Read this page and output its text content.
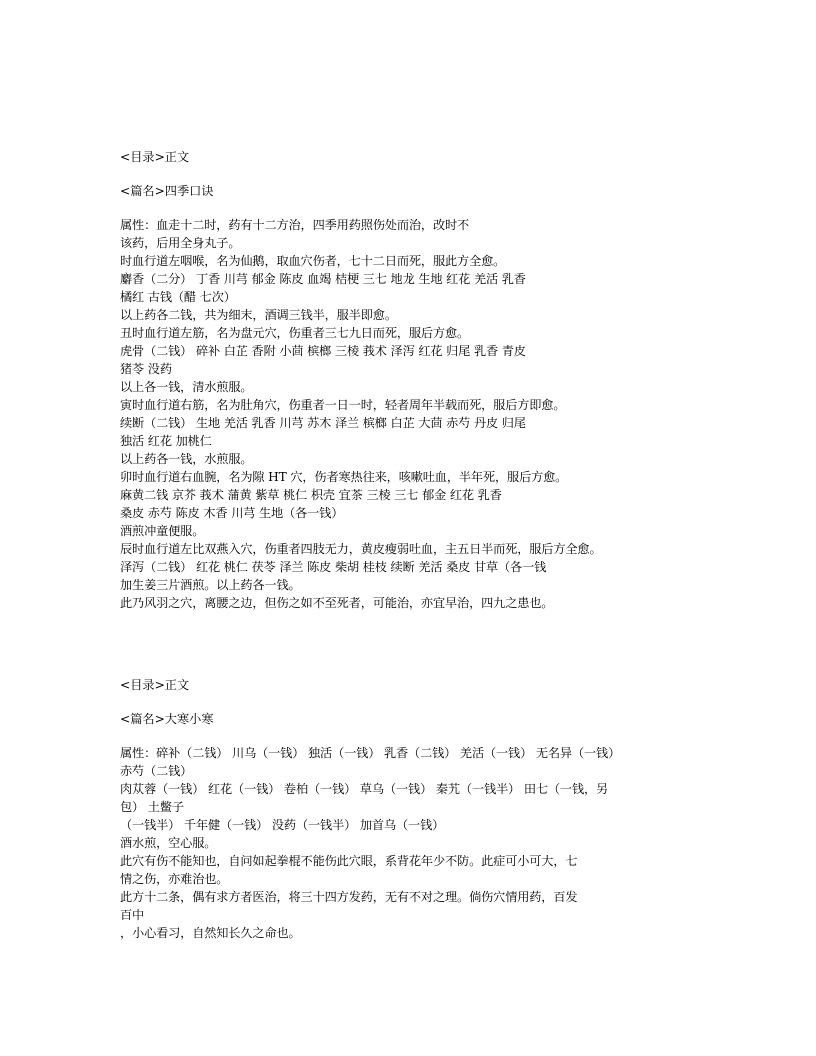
<目录>正文
<篇名>四季口诀
属性：血走十二时，药有十二方治，四季用药照伤处而治，改时不
该药，后用全身丸子。
时血行道左咽喉，名为仙鹅，取血穴伤者，七十二日而死，服此方全愈。
麝香（二分） 丁香 川芎 郁金 陈皮 血竭 桔梗 三七 地龙 生地 红花 羌活 乳香
橘红 古钱（醋 七次）
以上药各二钱，共为细末，酒调三钱半，服半即愈。
丑时血行道左筋，名为盘元穴，伤重者三七九日而死，服后方愈。
虎骨（二钱） 碎补 白芷 香附 小茴 槟榔 三棱 莪术 泽泻 红花 归尾 乳香 青皮
猪苓 没药
以上各一钱，清水煎服。
寅时血行道右筋，名为肚角穴，伤重者一日一时，轻者周年半载而死，服后方即愈。
续断（二钱） 生地 羌活 乳香 川芎 苏木 泽兰 槟榔 白芷 大茴 赤芍 丹皮 归尾
独活 红花 加桃仁
以上药各一钱，水煎服。
卯时血行道右血腕，名为隙 HT 穴，伤者寒热往来，咳嗽吐血，半年死，服后方愈。
麻黄二钱 京芥 莪术 蒲黄 紫草 桃仁 枳壳 宜茶 三棱 三七 郁金 红花 乳香
桑皮 赤芍 陈皮 木香 川芎 生地（各一钱）
酒煎冲童便服。
辰时血行道左比双燕入穴，伤重者四肢无力，黄皮瘦弱吐血，主五日半而死，服后方全愈。
泽泻（二钱） 红花 桃仁 茯苓 泽兰 陈皮 柴胡 桂枝 续断 羌活 桑皮 甘草（各一钱
加生姜三片酒煎。以上药各一钱。
此乃风羽之穴，离腰之边，但伤之如不至死者，可能治，亦宜早治，四九之患也。
<目录>正文
<篇名>大寒小寒
属性：碎补（二钱） 川乌（一钱） 独活（一钱） 乳香（二钱） 羌活（一钱） 无名异（一钱）
赤芍（二钱）
肉苁蓉（一钱） 红花（一钱） 卷柏（一钱） 草乌（一钱） 秦艽（一钱半） 田七（一钱，另
包） 土鳖子
（一钱半） 千年健（一钱） 没药（一钱半） 加首乌（一钱）
酒水煎，空心服。
此穴有伤不能知也，自问如起拳棍不能伤此穴眼，系背花年少不防。此症可小可大，七
情之伤，亦难治也。
此方十二条，偶有求方者医治，将三十四方发药，无有不对之理。倘伤穴情用药，百发
百中
，小心看习，自然知长久之命也。
